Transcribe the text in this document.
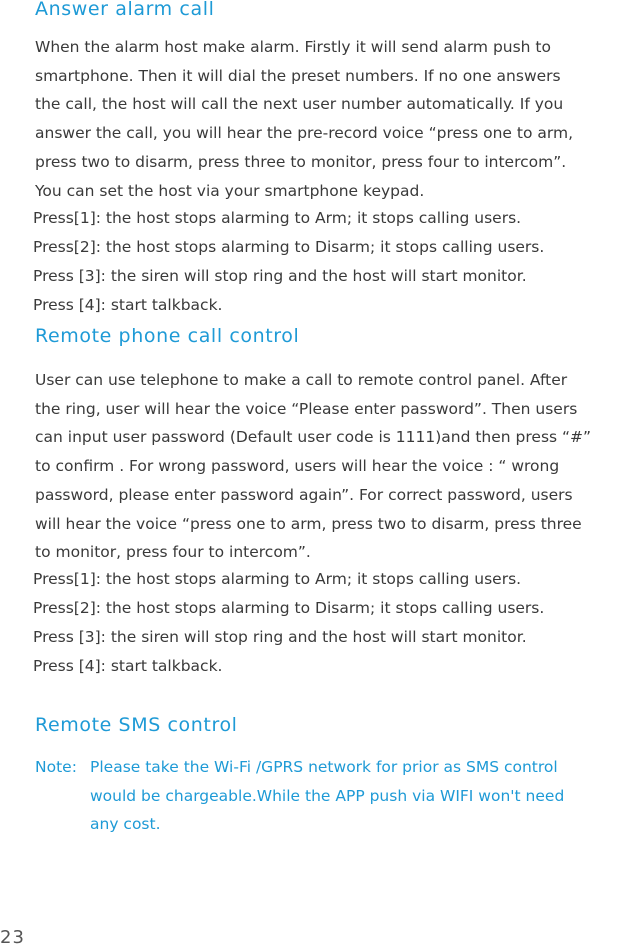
Answer alarm call

When the alarm host make alarm. Firstly it will send alarm push to
smartphone. Then it will dial the preset numbers. If no one answers
the call, the host will call the next user number automatically. If you
answer the call, you will hear the pre-record voice “press one to arm,
press two to disarm, press three to monitor, press four to intercom”.
You can set the host via your smartphone keypad.

Press[1]: the host stops alarming to Arm; it stops calling users.
Press[2]: the host stops alarming to Disarm; it stops calling users.
Press [3]: the siren will stop ring and the host will start monitor.
Press [4]: start talkback.
Remote phone call control

User can use telephone to make a call to remote control panel. After
the ring, user will hear the voice “Please enter password”. Then users
can input user password (Default user code is 1111)and then press “#”
to confirm . For wrong password, users will hear the voice : “ wrong
password, please enter password again”. For correct password, users
will hear the voice “press one to arm, press two to disarm, press three
to monitor, press four to intercom”.

Press[1]: the host stops alarming to Arm; it stops calling users.
Press[2]: the host stops alarming to Disarm; it stops calling users.
Press [3]: the siren will stop ring and the host will start monitor.
Press [4]: start talkback.
Remote SMS control
Note: Please take the Wi-Fi /GPRS network for prior as SMS control
would be chargeable.While the APP push via WIFI won't need
any cost.
23
